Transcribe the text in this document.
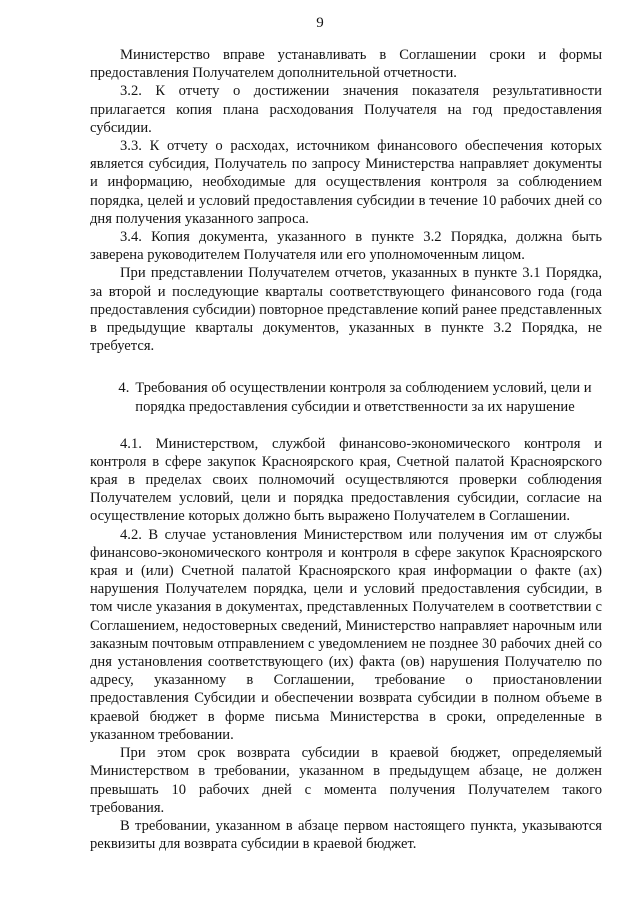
9

Министерство вправе устанавливать в Соглашении сроки и формы предоставления Получателем дополнительной отчетности.

3.2. К отчету о достижении значения показателя результативности прилагается копия плана расходования Получателя на год предоставления субсидии.

3.3. К отчету о расходах, источником финансового обеспечения которых является субсидия, Получатель по запросу Министерства направляет документы и информацию, необходимые для осуществления контроля за соблюдением порядка, целей и условий предоставления субсидии в течение 10 рабочих дней со дня получения указанного запроса.

3.4. Копия документа, указанного в пункте 3.2 Порядка, должна быть заверена руководителем Получателя или его уполномоченным лицом.

При представлении Получателем отчетов, указанных в пункте 3.1 Порядка, за второй и последующие кварталы соответствующего финансового года (года предоставления субсидии) повторное представление копий ранее представленных в предыдущие кварталы документов, указанных в пункте 3.2 Порядка, не требуется.

4. Требования об осуществлении контроля за соблюдением условий, цели и порядка предоставления субсидии и ответственности за их нарушение

4.1. Министерством, службой финансово-экономического контроля и контроля в сфере закупок Красноярского края, Счетной палатой Красноярского края в пределах своих полномочий осуществляются проверки соблюдения Получателем условий, цели и порядка предоставления субсидии, согласие на осуществление которых должно быть выражено Получателем в Соглашении.

4.2. В случае установления Министерством или получения им от службы финансово-экономического контроля и контроля в сфере закупок Красноярского края и (или) Счетной палатой Красноярского края информации о факте (ах) нарушения Получателем порядка, цели и условий предоставления субсидии, в том числе указания в документах, представленных Получателем в соответствии с Соглашением, недостоверных сведений, Министерство направляет нарочным или заказным почтовым отправлением с уведомлением не позднее 30 рабочих дней со дня установления соответствующего (их) факта (ов) нарушения Получателю по адресу, указанному в Соглашении, требование о приостановлении предоставления Субсидии и обеспечении возврата субсидии в полном объеме в краевой бюджет в форме письма Министерства в сроки, определенные в указанном требовании.

При этом срок возврата субсидии в краевой бюджет, определяемый Министерством в требовании, указанном в предыдущем абзаце, не должен превышать 10 рабочих дней с момента получения Получателем такого требования.

В требовании, указанном в абзаце первом настоящего пункта, указываются реквизиты для возврата субсидии в краевой бюджет.
